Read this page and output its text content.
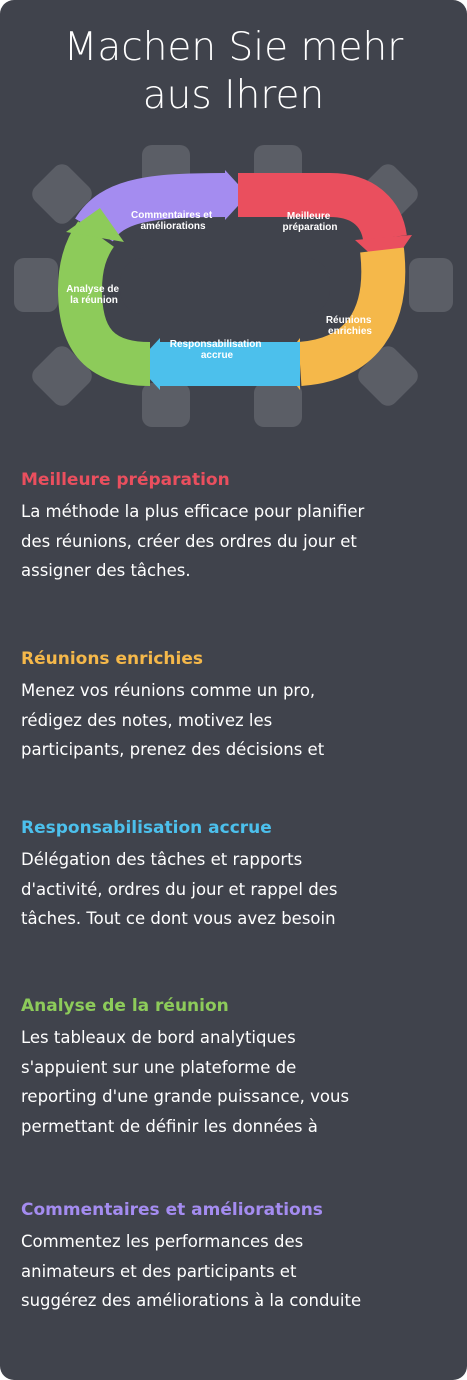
Machen Sie mehr
aus Ihren
Commentaires et améliorations
Meilleure préparation
Analyse de la réunion
Réunions enrichies
Responsabilisation accrue
Meilleure préparation

La méthode la plus efficace pour planifier
des réunions, créer des ordres du jour et
assigner des tâches.

Réunions enrichies

Menez vos réunions comme un pro,
rédigez des notes, motivez les
participants, prenez des décisions et

Responsabilisation accrue

Délégation des tâches et rapports
d'activité, ordres du jour et rappel des
tâches. Tout ce dont vous avez besoin

Analyse de la réunion

Les tableaux de bord analytiques
s'appuient sur une plateforme de
reporting d'une grande puissance, vous
permettant de définir les données à

Commentaires et améliorations

Commentez les performances des
animateurs et des participants et
suggérez des améliorations à la conduite
